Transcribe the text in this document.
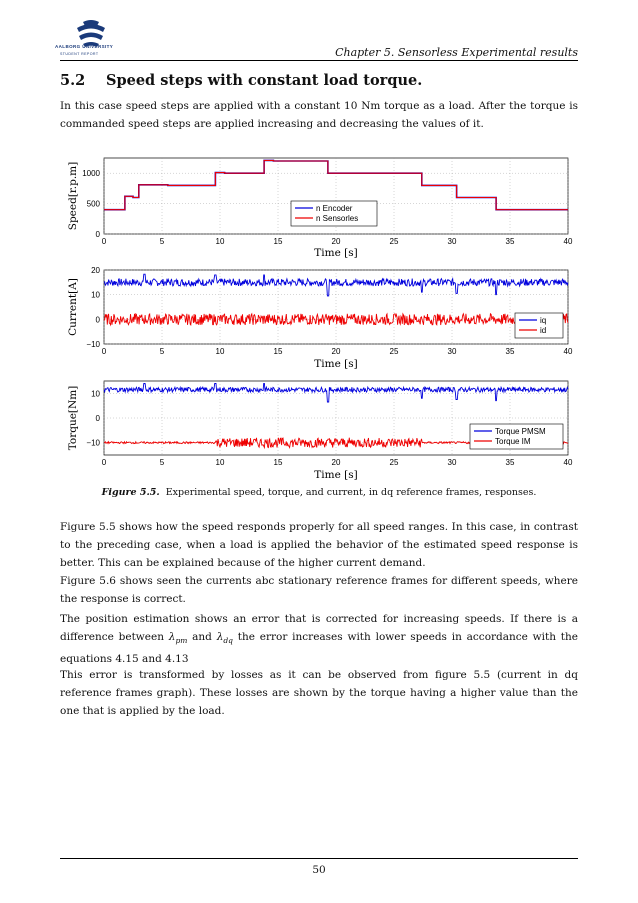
AALBORG UNIVERSITY
STUDENT REPORT	Chapter 5. Sensorless Experimental results
5.2 Speed steps with constant load torque.
In this case speed steps are applied with a constant 10 Nm torque as a load. After the torque is commanded speed steps are applied increasing and decreasing the values of it.
0	5	10	15	20	25	30	35	40
0
500
1000
n Encoder
n Sensorles
Time [s]
Speed[r.p.m]
0	5	10	15	20	25	30	35	40
−10
0
10
20
iq
id
Time [s]
Current[A]
0	5	10	15	20	25	30	35	40
−10
0
10
Torque PMSM
Torque IM
Time [s]
Torque[Nm]
Figure 5.5. Experimental speed, torque, and current, in dq reference frames, responses.
Figure 5.5 shows how the speed responds properly for all speed ranges. In this case, in contrast to the preceding case, when a load is applied the behavior of the estimated speed response is better. This can be explained because of the higher current demand.
Figure 5.6 shows seen the currents abc stationary reference frames for different speeds, where the response is correct.
The position estimation shows an error that is corrected for increasing speeds. If there is a difference between $\lambda_{pm}$ and $\lambda_{dq}$ the error increases with lower speeds in accordance with the equations 4.15 and 4.13
This error is transformed by losses as it can be observed from figure 5.5 (current in dq reference frames graph). These losses are shown by the torque having a higher value than the one that is applied by the load.
50
